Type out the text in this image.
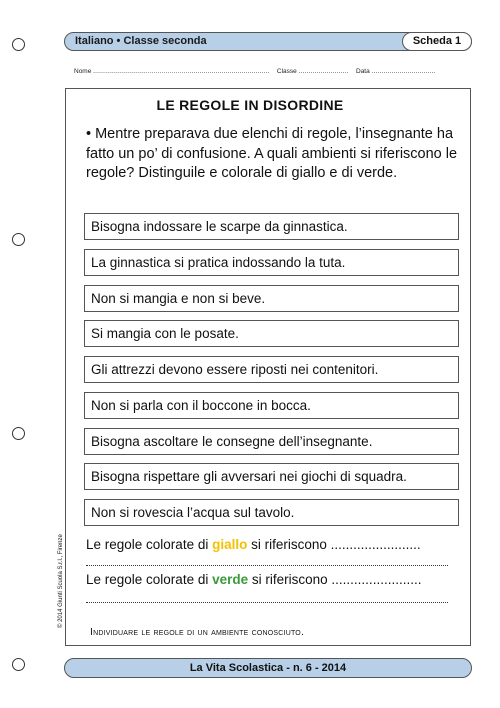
Italiano • Classe seconda	Scheda 1
Nome ........................................................................................ Classe ......................... Data ................................
LE REGOLE IN DISORDINE
• Mentre preparava due elenchi di regole, l’insegnante ha fatto un po’ di confusione. A quali ambienti si riferiscono le regole? Distinguile e colorale di giallo e di verde.
Bisogna indossare le scarpe da ginnastica.
La ginnastica si pratica indossando la tuta.
Non si mangia e non si beve.
Si mangia con le posate.
Gli attrezzi devono essere riposti nei contenitori.
Non si parla con il boccone in bocca.
Bisogna ascoltare le consegne dell’insegnante.
Bisogna rispettare gli avversari nei giochi di squadra.
Non si rovescia l’acqua sul tavolo.
Le regole colorate di giallo si riferiscono ........................
Le regole colorate di verde si riferiscono ........................
Individuare le regole di un ambiente conosciuto.
© 2014 Giunti Scuola S.r.l., Firenze
La Vita Scolastica - n. 6 - 2014
